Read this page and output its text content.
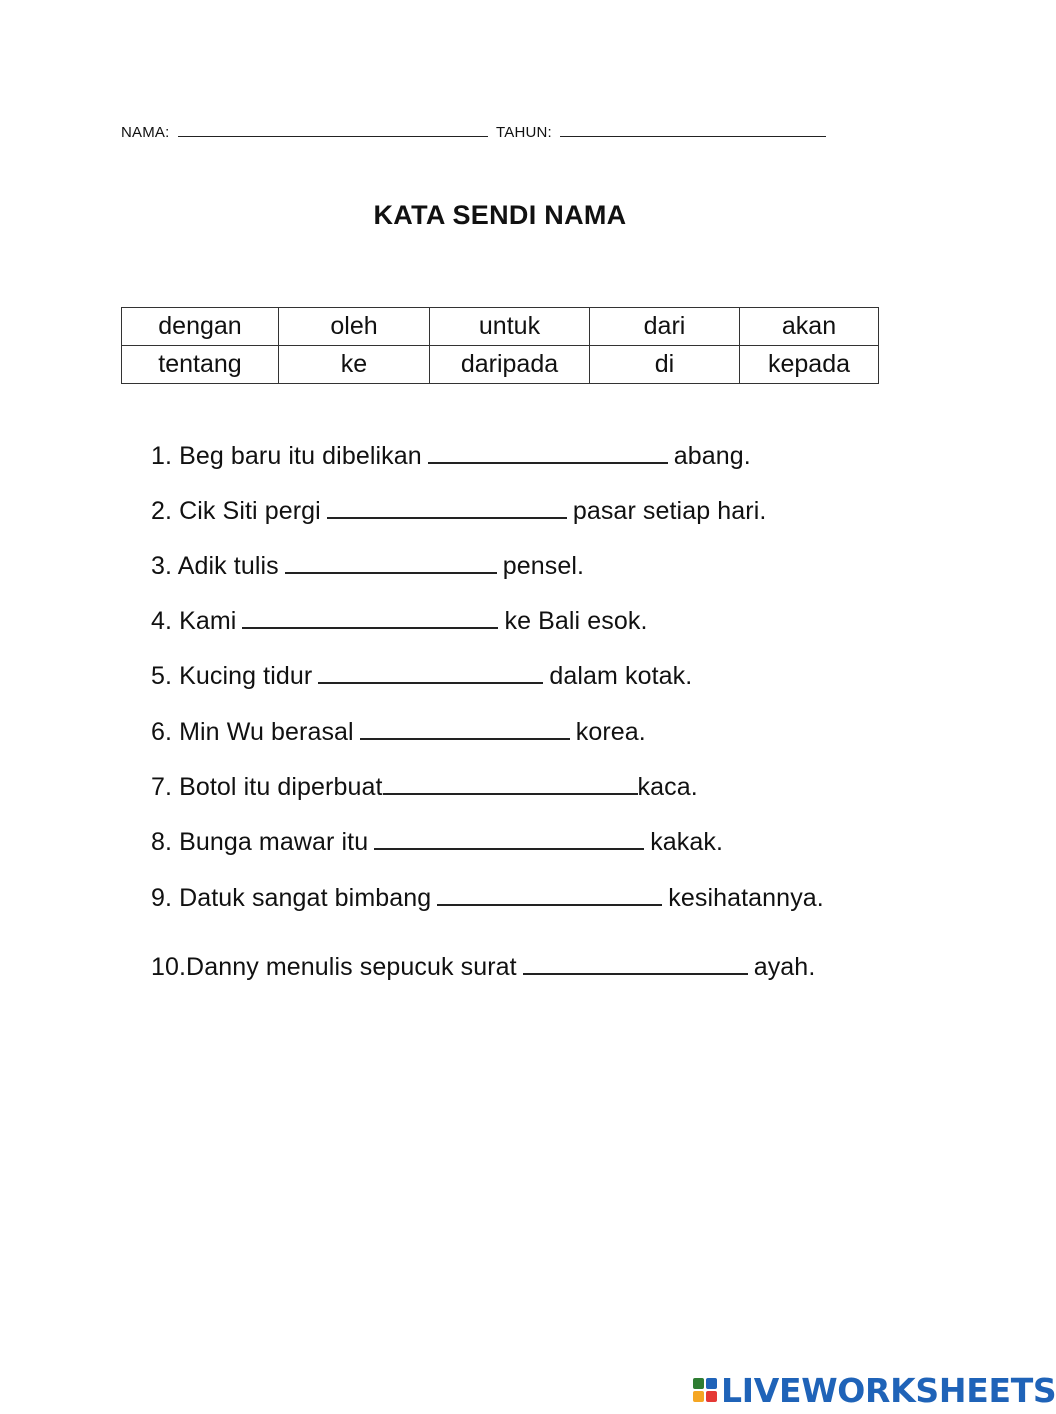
NAMA:	TAHUN:
KATA SENDI NAMA
dengan	oleh	untuk	dari	akan
tentang	ke	daripada	di	kepada
1. Beg baru itu dibelikan	abang.
2. Cik Siti pergi	pasar setiap hari.
3. Adik tulis	pensel.
4. Kami	ke Bali esok.
5. Kucing tidur	dalam kotak.
6. Min Wu berasal	korea.
7. Botol itu diperbuat	kaca.
8. Bunga mawar itu	kakak.
9. Datuk sangat bimbang	kesihatannya.
10.Danny menulis sepucuk surat	ayah.
LIVEWORKSHEETS
